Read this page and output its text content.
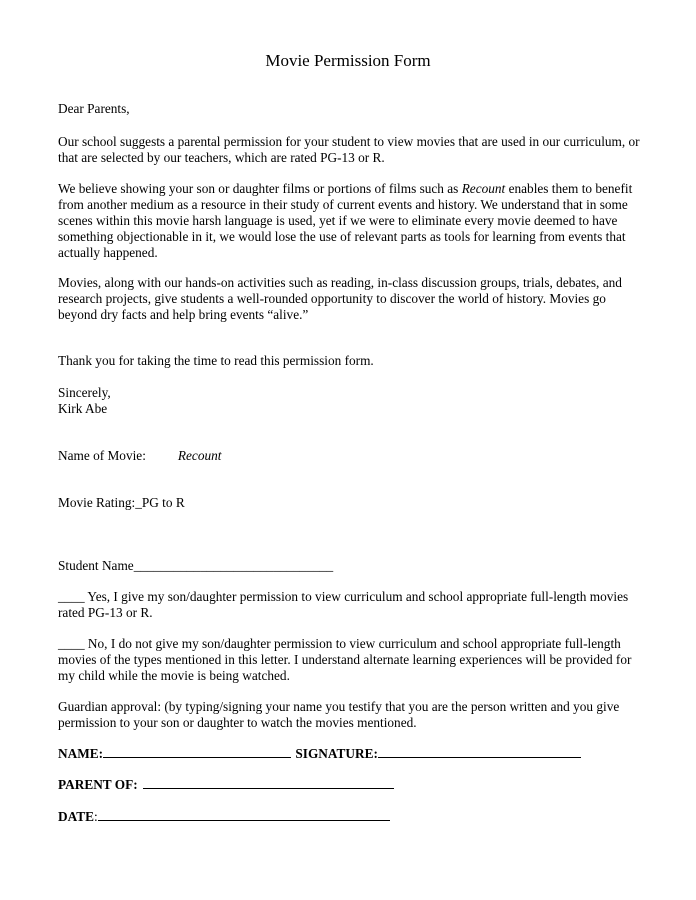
Movie Permission Form
Dear Parents,

Our school suggests a parental permission for your student to view movies that are used in our curriculum, or that are selected by our teachers, which are rated PG-13 or R.

We believe showing your son or daughter films or portions of films such as Recount enables them to benefit from another medium as a resource in their study of current events and history. We understand that in some scenes within this movie harsh language is used, yet if we were to eliminate every movie deemed to have something objectionable in it, we would lose the use of relevant parts as tools for learning from events that actually happened.

Movies, along with our hands-on activities such as reading, in-class discussion groups, trials, debates, and research projects, give students a well-rounded opportunity to discover the world of history. Movies go beyond dry facts and help bring events “alive.”

Thank you for taking the time to read this permission form.
Sincerely,
Kirk Abe
Name of Movie: Recount
Movie Rating:_PG to R
Student Name______________________________

____ Yes, I give my son/daughter permission to view curriculum and school appropriate full-length movies rated PG-13 or R.

____ No, I do not give my son/daughter permission to view curriculum and school appropriate full-length movies of the types mentioned in this letter. I understand alternate learning experiences will be provided for my child while the movie is being watched.

Guardian approval: (by typing/signing your name you testify that you are the person written and you give permission to your son or daughter to watch the movies mentioned.

NAME:	SIGNATURE:
PARENT OF:
DATE:
